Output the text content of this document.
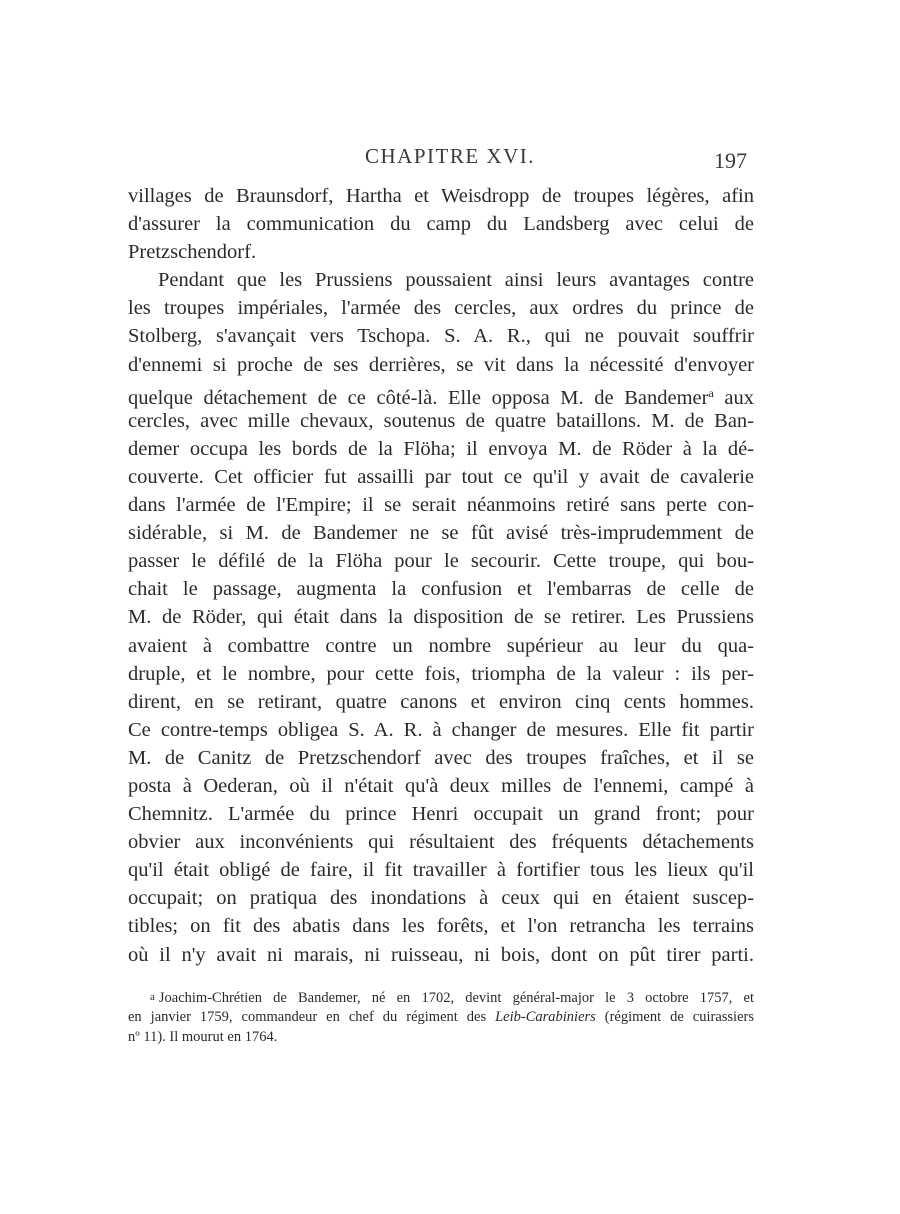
CHAPITRE XVI.	197
villages de Braunsdorf, Hartha et Weisdropp de troupes légères, afin
d'assurer la communication du camp du Landsberg avec celui de
Pretzschendorf.
Pendant que les Prussiens poussaient ainsi leurs avantages contre
les troupes impériales, l'armée des cercles, aux ordres du prince de
Stolberg, s'avançait vers Tschopa. S. A. R., qui ne pouvait souffrir
d'ennemi si proche de ses derrières, se vit dans la nécessité d'envoyer
quelque détachement de ce côté-là. Elle opposa M. de Bandemer$^a$ aux
cercles, avec mille chevaux, soutenus de quatre bataillons. M. de Ban-
demer occupa les bords de la Flöha; il envoya M. de Röder à la dé-
couverte. Cet officier fut assailli par tout ce qu'il y avait de cavalerie
dans l'armée de l'Empire; il se serait néanmoins retiré sans perte con-
sidérable, si M. de Bandemer ne se fût avisé très-imprudemment de
passer le défilé de la Flöha pour le secourir. Cette troupe, qui bou-
chait le passage, augmenta la confusion et l'embarras de celle de
M. de Röder, qui était dans la disposition de se retirer. Les Prussiens
avaient à combattre contre un nombre supérieur au leur du qua-
druple, et le nombre, pour cette fois, triompha de la valeur : ils per-
dirent, en se retirant, quatre canons et environ cinq cents hommes.
Ce contre-temps obligea S. A. R. à changer de mesures. Elle fit partir
M. de Canitz de Pretzschendorf avec des troupes fraîches, et il se
posta à Oederan, où il n'était qu'à deux milles de l'ennemi, campé à
Chemnitz. L'armée du prince Henri occupait un grand front; pour
obvier aux inconvénients qui résultaient des fréquents détachements
qu'il était obligé de faire, il fit travailler à fortifier tous les lieux qu'il
occupait; on pratiqua des inondations à ceux qui en étaient suscep-
tibles; on fit des abatis dans les forêts, et l'on retrancha les terrains
où il n'y avait ni marais, ni ruisseau, ni bois, dont on pût tirer parti.
a Joachim-Chrétien de Bandemer, né en 1702, devint général-major le 3 octobre 1757, et
en janvier 1759, commandeur en chef du régiment des Leib-Carabiniers (régiment de cuirassiers
nº 11). Il mourut en 1764.
